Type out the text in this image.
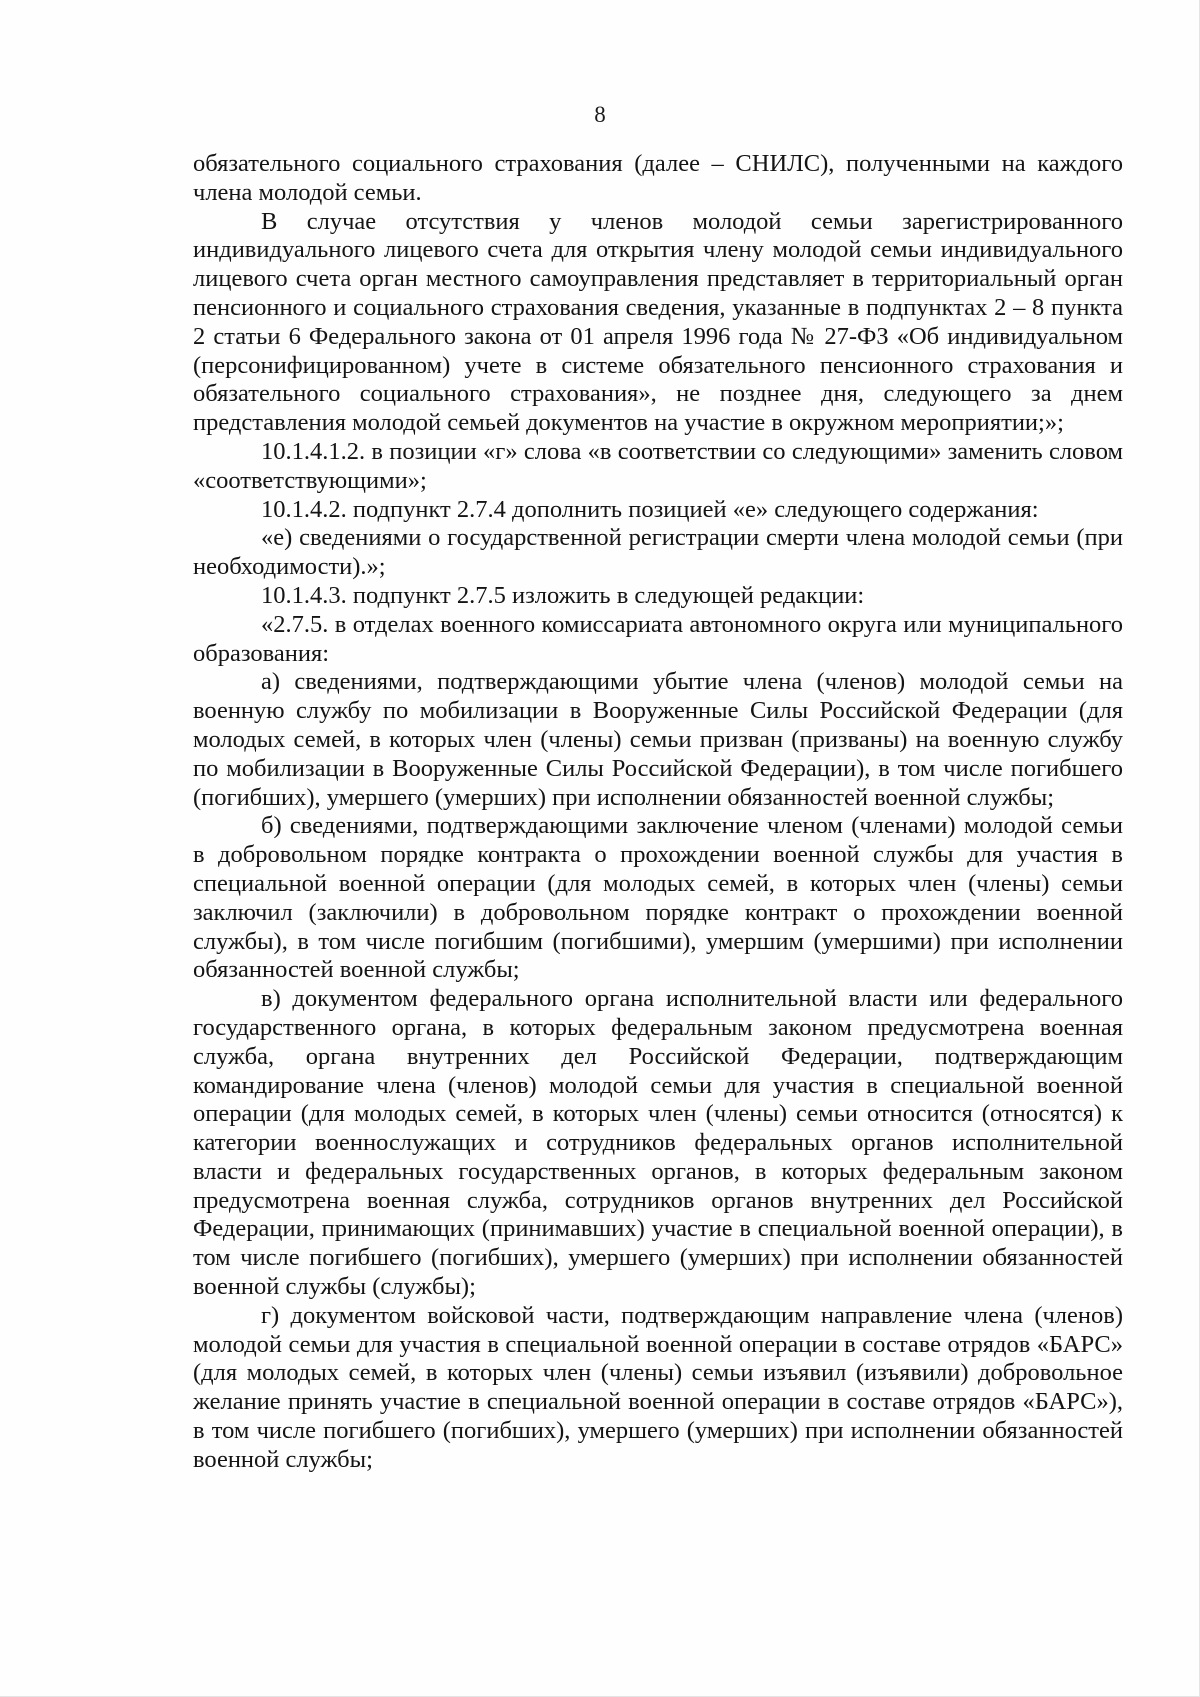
8

обязательного социального страхования (далее – СНИЛС), полученными на каждого члена молодой семьи.

В случае отсутствия у членов молодой семьи зарегистрированного индивидуального лицевого счета для открытия члену молодой семьи индивидуального лицевого счета орган местного самоуправления представляет в территориальный орган пенсионного и социального страхования сведения, указанные в подпунктах 2 – 8 пункта 2 статьи 6 Федерального закона от 01 апреля 1996 года № 27-ФЗ «Об индивидуальном (персонифицированном) учете в системе обязательного пенсионного страхования и обязательного социального страхования», не позднее дня, следующего за днем представления молодой семьей документов на участие в окружном мероприятии;»;

10.1.4.1.2. в позиции «г» слова «в соответствии со следующими» заменить словом «соответствующими»;

10.1.4.2. подпункт 2.7.4 дополнить позицией «е» следующего содержания:

«е) сведениями о государственной регистрации смерти члена молодой семьи (при необходимости).»;

10.1.4.3. подпункт 2.7.5 изложить в следующей редакции:

«2.7.5. в отделах военного комиссариата автономного округа или муниципального образования:

а) сведениями, подтверждающими убытие члена (членов) молодой семьи на военную службу по мобилизации в Вооруженные Силы Российской Федерации (для молодых семей, в которых член (члены) семьи призван (призваны) на военную службу по мобилизации в Вооруженные Силы Российской Федерации), в том числе погибшего (погибших), умершего (умерших) при исполнении обязанностей военной службы;

б) сведениями, подтверждающими заключение членом (членами) молодой семьи в добровольном порядке контракта о прохождении военной службы для участия в специальной военной операции (для молодых семей, в которых член (члены) семьи заключил (заключили) в добровольном порядке контракт о прохождении военной службы), в том числе погибшим (погибшими), умершим (умершими) при исполнении обязанностей военной службы;

в) документом федерального органа исполнительной власти или федерального государственного органа, в которых федеральным законом предусмотрена военная служба, органа внутренних дел Российской Федерации, подтверждающим командирование члена (членов) молодой семьи для участия в специальной военной операции (для молодых семей, в которых член (члены) семьи относится (относятся) к категории военнослужащих и сотрудников федеральных органов исполнительной власти и федеральных государственных органов, в которых федеральным законом предусмотрена военная служба, сотрудников органов внутренних дел Российской Федерации, принимающих (принимавших) участие в специальной военной операции), в том числе погибшего (погибших), умершего (умерших) при исполнении обязанностей военной службы (службы);

г) документом войсковой части, подтверждающим направление члена (членов) молодой семьи для участия в специальной военной операции в составе отрядов «БАРС» (для молодых семей, в которых член (члены) семьи изъявил (изъявили) добровольное желание принять участие в специальной военной операции в составе отрядов «БАРС»), в том числе погибшего (погибших), умершего (умерших) при исполнении обязанностей военной службы;
